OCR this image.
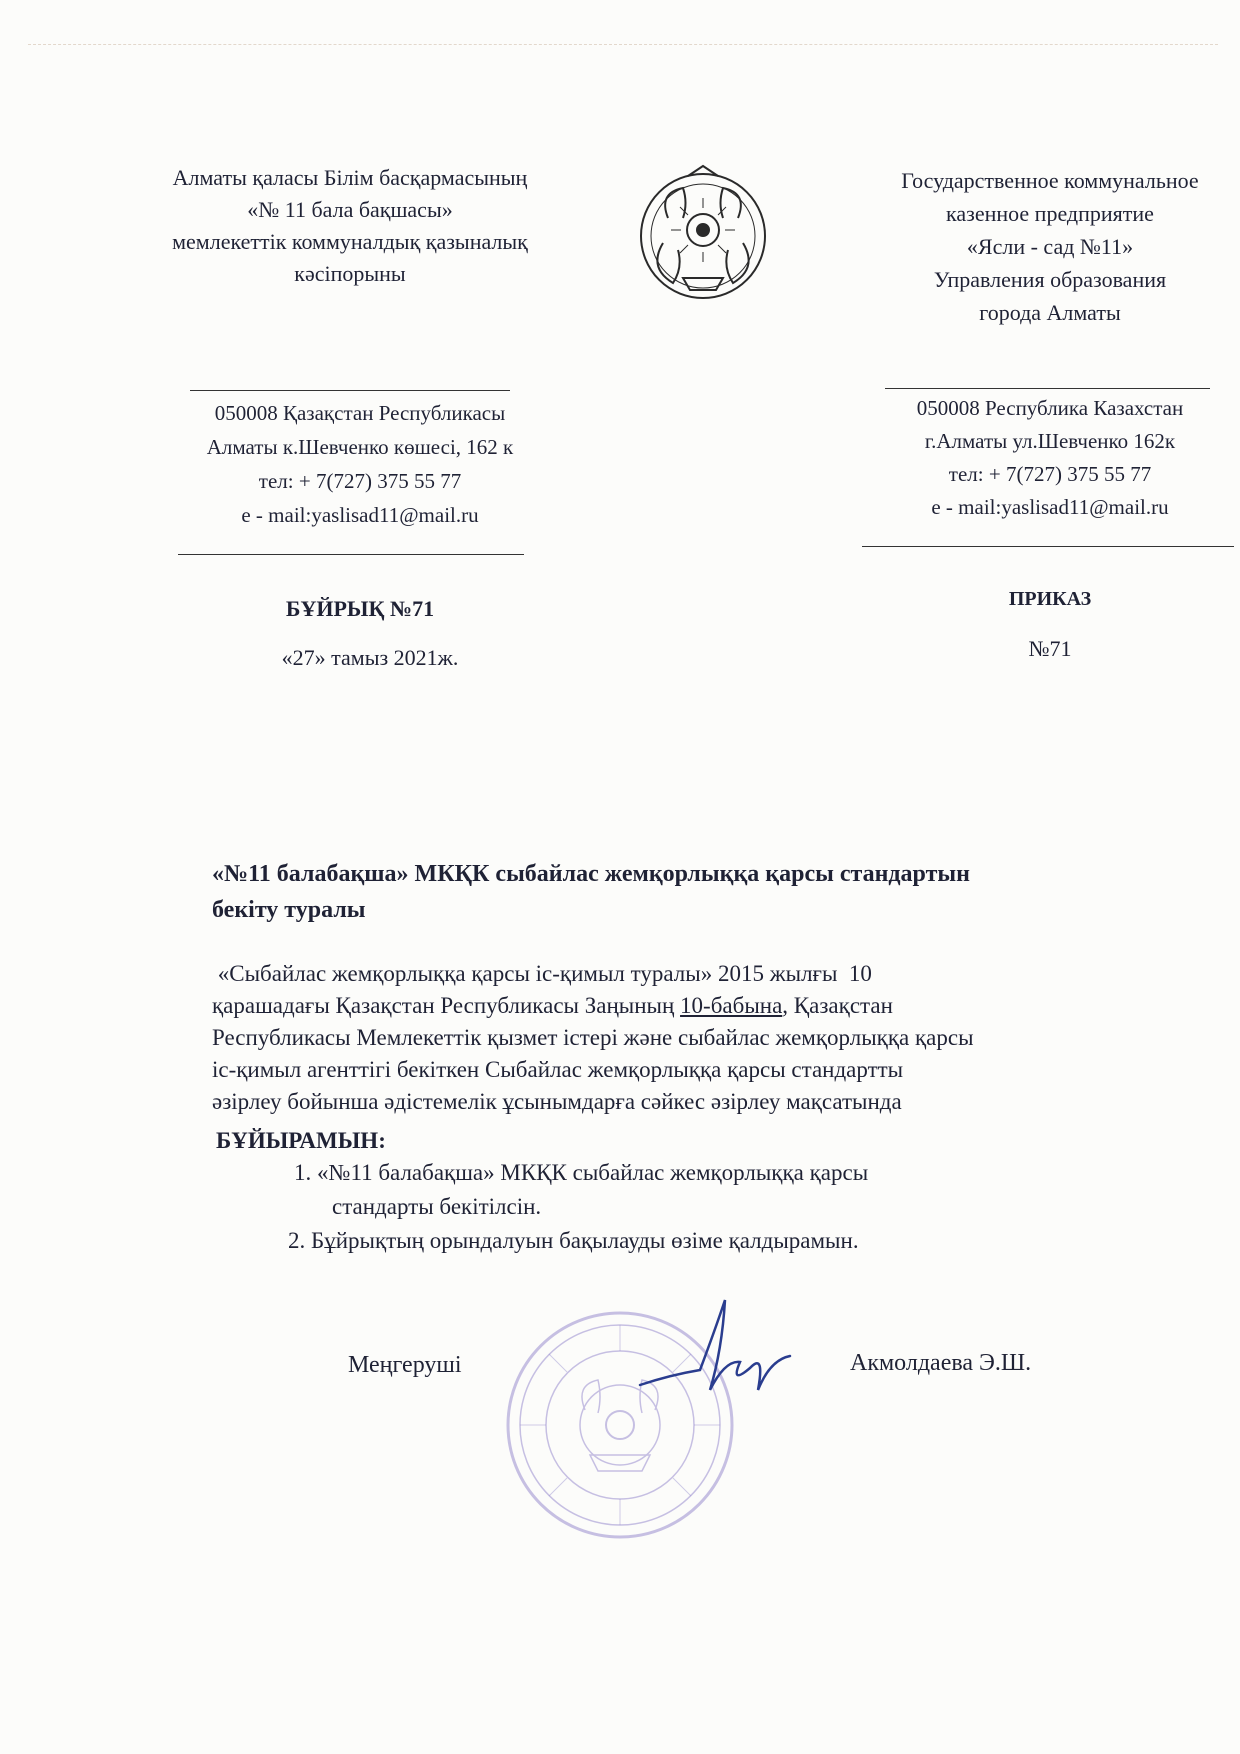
Алматы қаласы Білім басқармасының
«№ 11 бала бақшасы»
мемлекеттік коммуналдық қазыналық
кәсіпорыны
Государственное коммунальное
казенное предприятие
«Ясли - сад №11»
Управления образования
города Алматы
050008 Қазақстан Республикасы
Алматы к.Шевченко көшесі, 162 к
тел: + 7(727) 375 55 77
e - mail:yaslisad11@mail.ru
050008 Республика Казахстан
г.Алматы ул.Шевченко 162к
тел: + 7(727) 375 55 77
e - mail:yaslisad11@mail.ru
БҰЙРЫҚ №71
«27» тамыз 2021ж.
ПРИКАЗ
№71
«№11 балабақша» МКҚК сыбайлас жемқорлыққа қарсы стандартын
бекіту туралы
«Сыбайлас жемқорлыққа қарсы іс-қимыл туралы» 2015 жылғы  10
қарашадағы Қазақстан Республикасы Заңының 10-бабына, Қазақстан
Республикасы Мемлекеттік қызмет істері және сыбайлас жемқорлыққа қарсы
іс-қимыл агенттігі бекіткен Сыбайлас жемқорлыққа қарсы стандартты
әзірлеу бойынша әдістемелік ұсынымдарға сәйкес әзірлеу мақсатында
БҰЙЫРАМЫН:
1. «№11 балабақша» МКҚК сыбайлас жемқорлыққа қарсы
стандарты бекітілсін.
2. Бұйрықтың орындалуын бақылауды өзіме қалдырамын.
Меңгеруші	Акмолдаева Э.Ш.
